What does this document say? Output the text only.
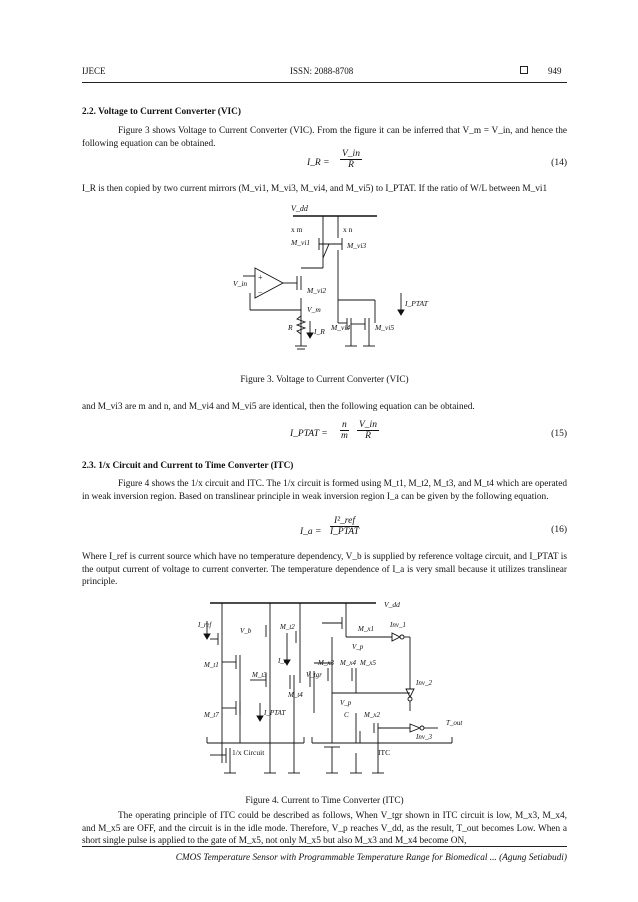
IJECE	ISSN: 2088-8708	949
2.2. Voltage to Current Converter (VIC)
Figure 3 shows Voltage to Current Converter (VIC). From the figure it can be inferred that V_m = V_in, and hence the following equation can be obtained.
I_R = $\frac{V\_in}{R}$	(14)
I_R is then copied by two current mirrors (M_vi1, M_vi3, M_vi4, and M_vi5) to I_PTAT. If the ratio of W/L between M_vi1
V_dd
x m	x n
M_vi1	M_vi3
V_in
+
−	M_vi2
V_m
R	I_R M_vi4	M_vi5
I_PTAT
Figure 3. Voltage to Current Converter (VIC)
and M_vi3 are m and n, and M_vi4 and M_vi5 are identical, then the following equation can be obtained.
I_PTAT = $\frac{n}{m} \frac{V\_in}{R}$	(15)
2.3. 1/x Circuit and Current to Time Converter (ITC)
Figure 4 shows the 1/x circuit and ITC. The 1/x circuit is formed using M_t1, M_t2, M_t3, and M_t4 which are operated in weak inversion region. Based on translinear principle in weak inversion region I_a can be given by the following equation.
I_a =
I²_ref
I_PTAT	(16)
Where I_ref is current source which have no temperature dependency, V_b is supplied by reference voltage circuit, and I_PTAT is the output current of voltage to current converter. The temperature dependence of I_a is very small because it utilizes translinear principle.
V_dd
I_ref
V_b	M_t2	M_x1
V_p
Inv_1
M_t1	I_a	M_x3 M_x4 M_x5
V_tgr
M_t3
M_t4
Inv_2
V_p
C M_x2
M_t7	I_PTAT
Inv_3
T_out
1/x Circuit	ITC
Figure 4. Current to Time Converter (ITC)
The operating principle of ITC could be described as follows, When V_tgr shown in ITC circuit is low, M_x3, M_x4, and M_x5 are OFF, and the circuit is in the idle mode. Therefore, V_p reaches V_dd, as the result, T_out becomes Low. When a short single pulse is applied to the gate of M_x5, not only M_x5 but also M_x3 and M_x4 become ON,
CMOS Temperature Sensor with Programmable Temperature Range for Biomedical ... (Agung Setiabudi)
